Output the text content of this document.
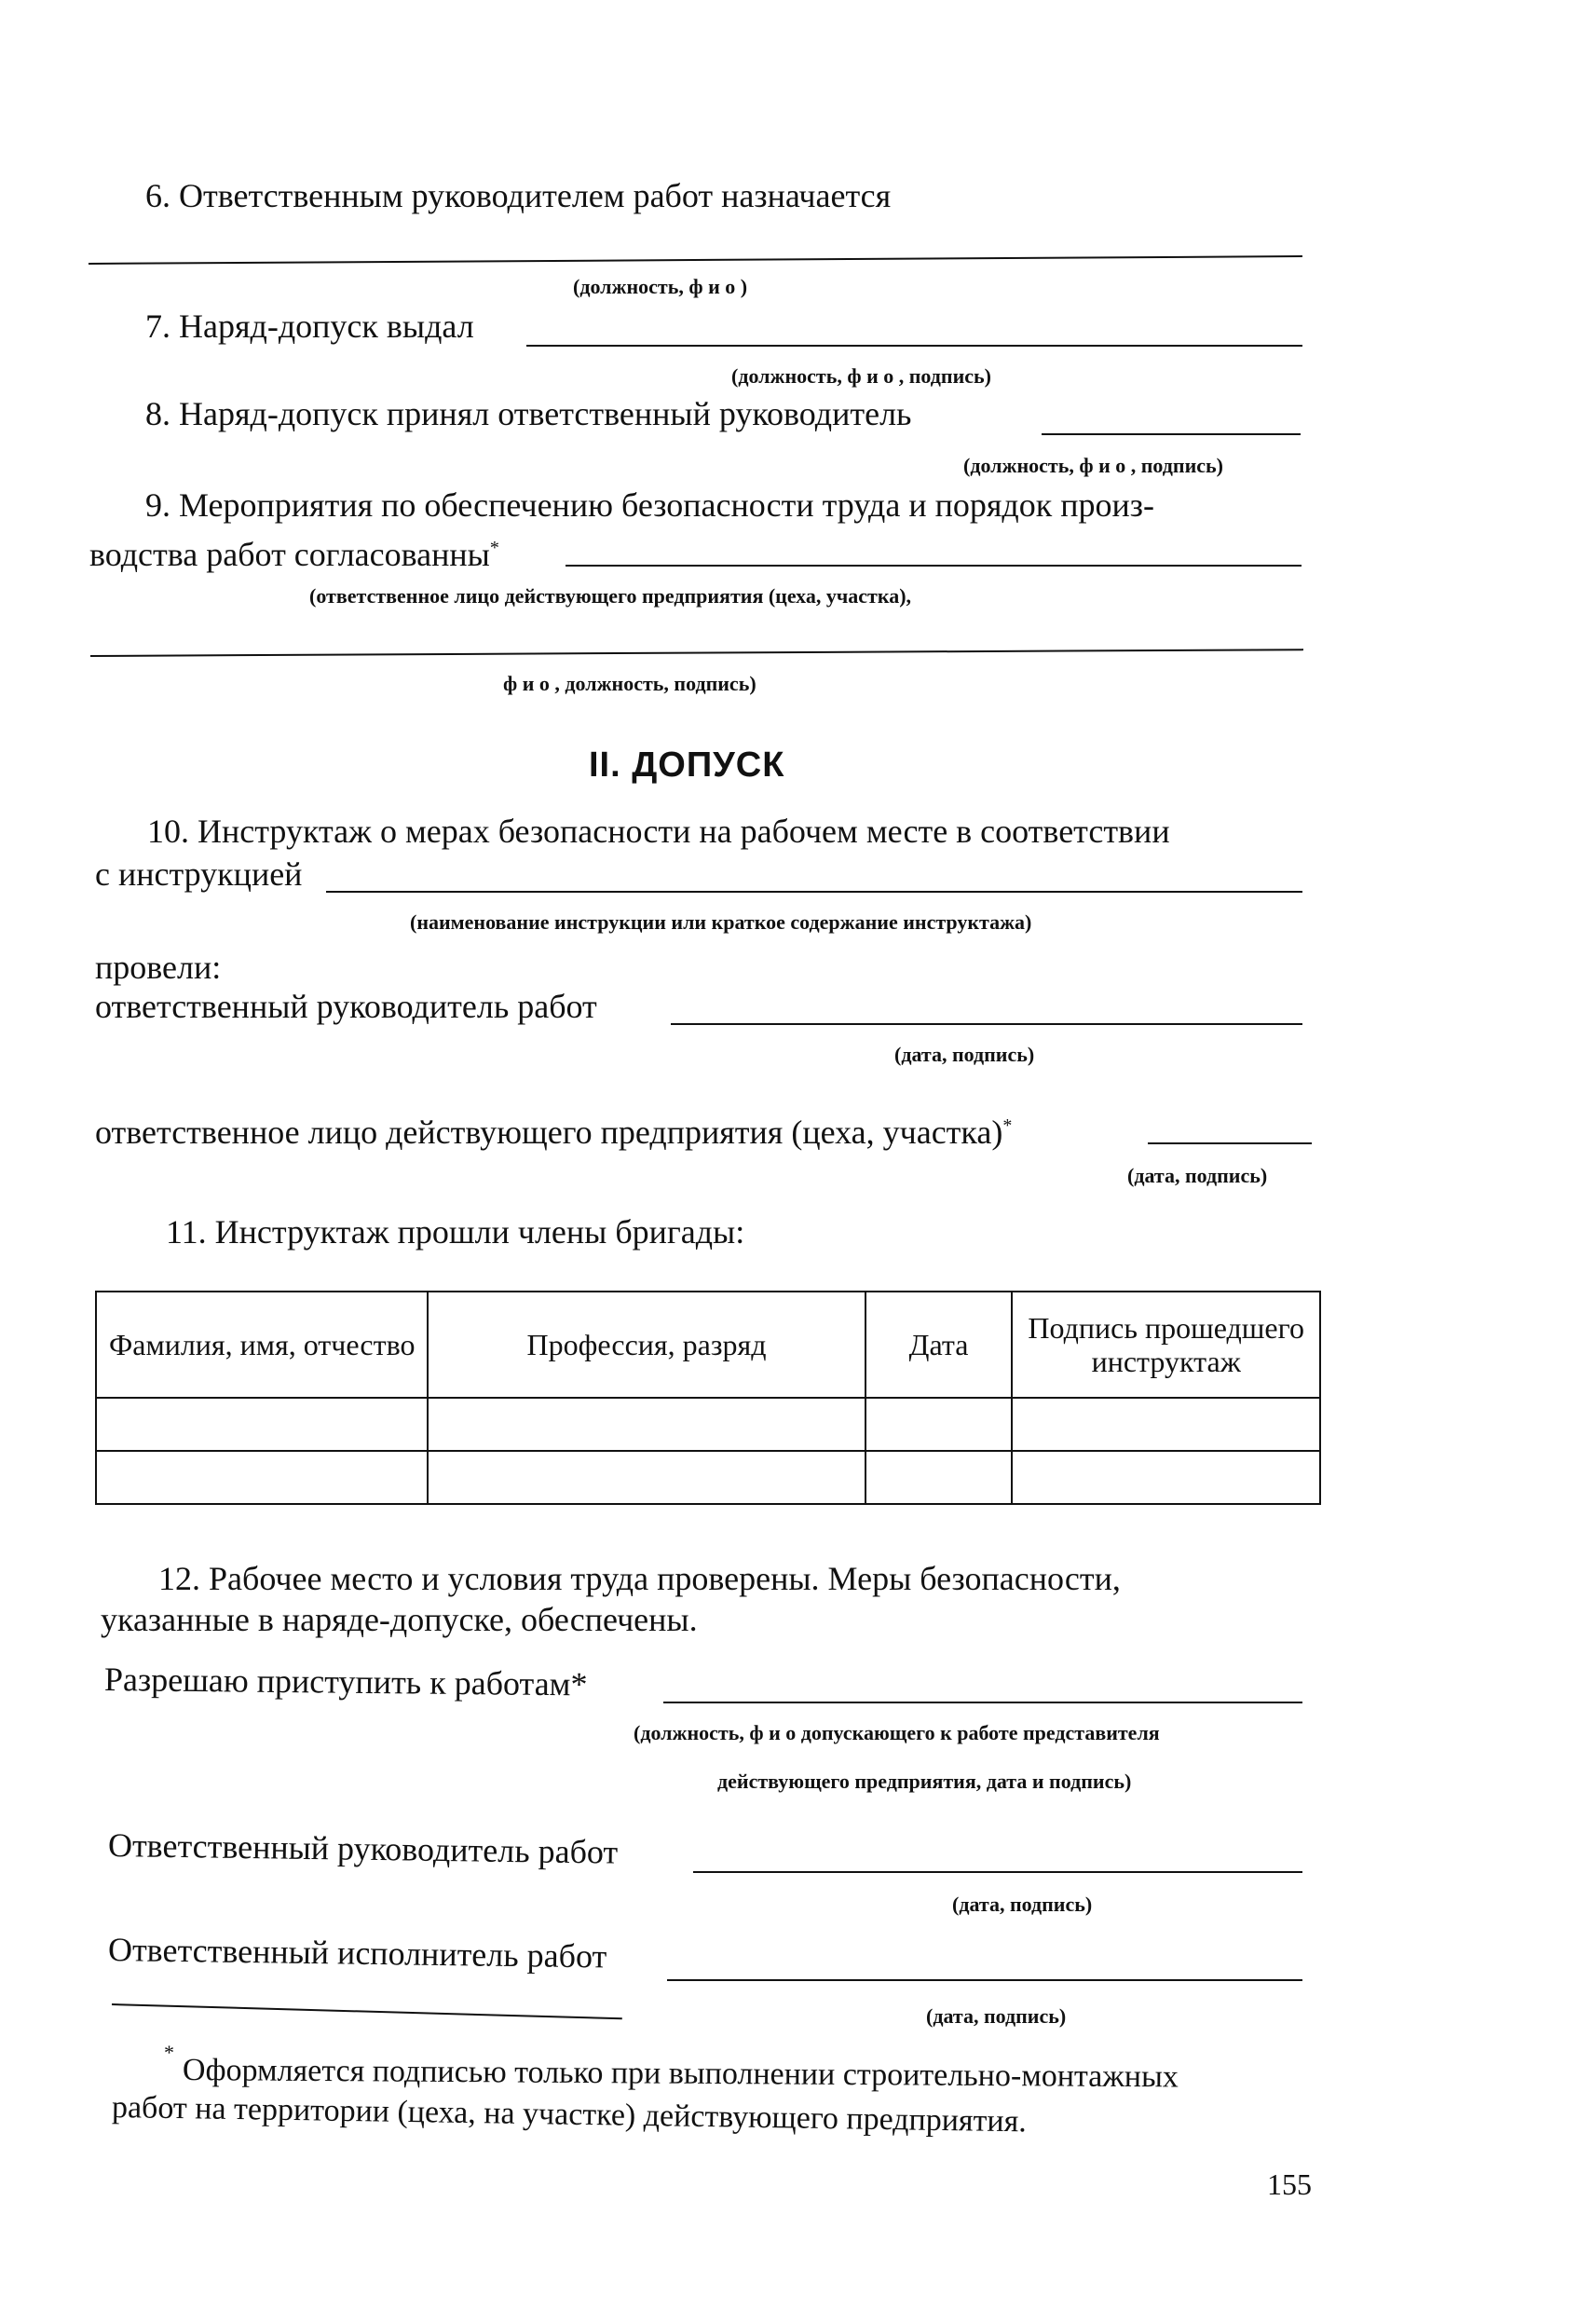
6. Ответственным руководителем работ назначается
(должность, ф и о )
7. Наряд-допуск выдал
(должность, ф и о , подпись)
8. Наряд-допуск принял ответственный руководитель
(должность, ф и о , подпись)
9. Мероприятия по обеспечению безопасности труда и порядок произ-
водства работ согласованны*
(ответственное лицо действующего предприятия (цеха, участка),
ф и о , должность, подпись)
II. ДОПУСК
10. Инструктаж о мерах безопасности на рабочем месте в соответствии
с инструкцией
(наименование инструкции или краткое содержание инструктажа)
провели:
ответственный руководитель работ
(дата, подпись)
ответственное лицо действующего предприятия (цеха, участка)*
(дата, подпись)
11. Инструктаж прошли члены бригады:
Фамилия, имя, отчество	Профессия, разряд	Дата	Подпись прошедшего инструктаж

12. Рабочее место и условия труда проверены. Меры безопасности,
указанные в наряде-допуске, обеспечены.
Разрешаю приступить к работам*
(должность, ф и о допускающего к работе представителя
действующего предприятия, дата и подпись)
Ответственный руководитель работ
(дата, подпись)
Ответственный исполнитель работ
(дата, подпись)
*
Оформляется подписью только при выполнении строительно-монтажных
работ на территории (цеха, на участке) действующего предприятия.
155
